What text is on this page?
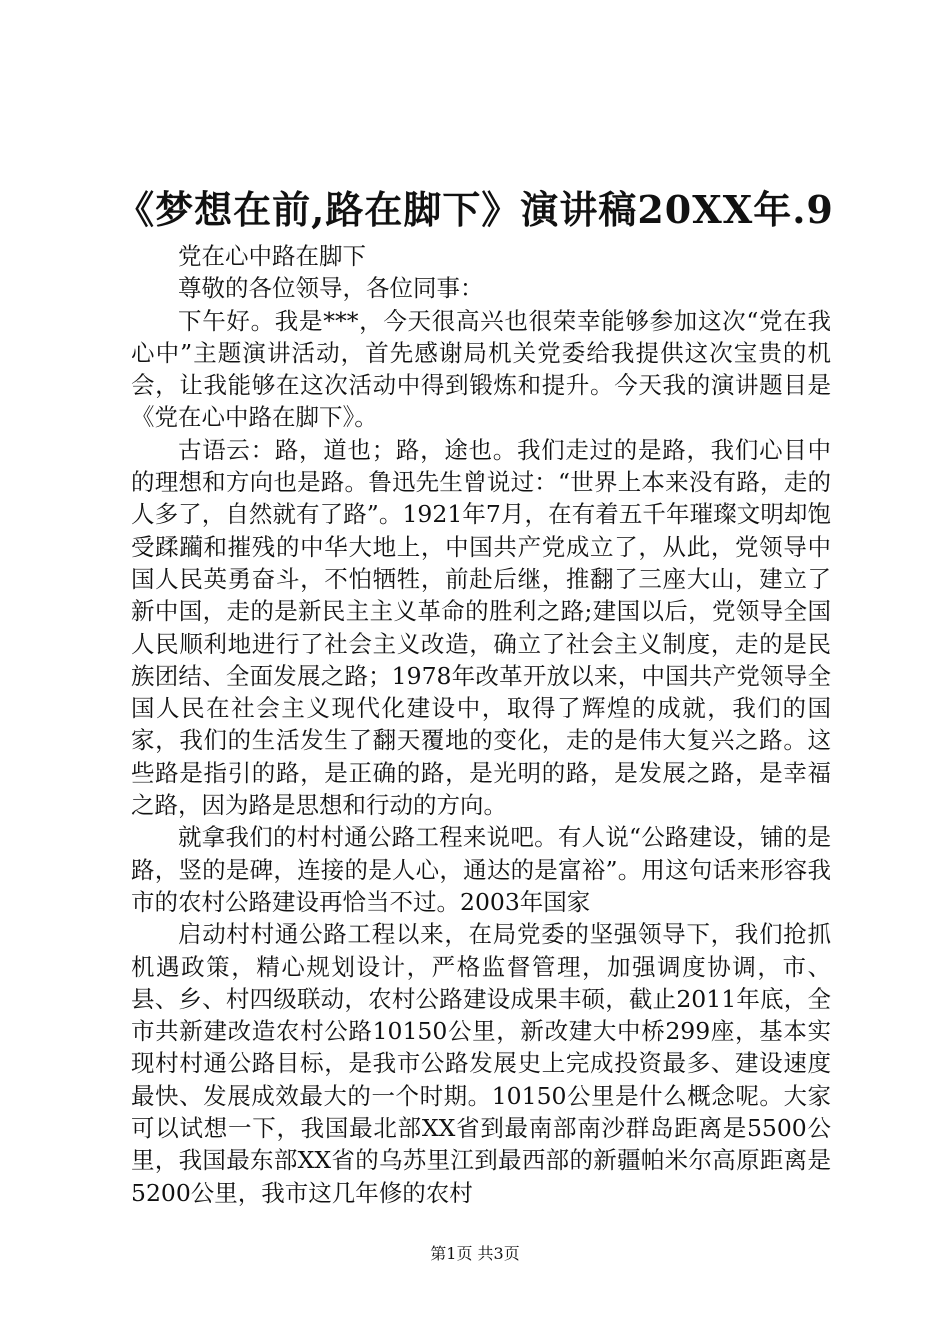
《梦想在前,路在脚下》演讲稿20XX年.9

党在心中路在脚下

尊敬的各位领导，各位同事：

下午好。我是***，今天很高兴也很荣幸能够参加这次“党在我心中”主题演讲活动，首先感谢局机关党委给我提供这次宝贵的机会，让我能够在这次活动中得到锻炼和提升。今天我的演讲题目是《党在心中路在脚下》。

古语云：路，道也；路，途也。我们走过的是路，我们心目中的理想和方向也是路。鲁迅先生曾说过：“世界上本来没有路，走的人多了，自然就有了路”。1921年7月，在有着五千年璀璨文明却饱受蹂躏和摧残的中华大地上，中国共产党成立了，从此，党领导中国人民英勇奋斗，不怕牺牲，前赴后继，推翻了三座大山，建立了新中国，走的是新民主主义革命的胜利之路;建国以后，党领导全国人民顺利地进行了社会主义改造，确立了社会主义制度，走的是民族团结、全面发展之路；1978年改革开放以来，中国共产党领导全国人民在社会主义现代化建设中，取得了辉煌的成就，我们的国家，我们的生活发生了翻天覆地的变化，走的是伟大复兴之路。这些路是指引的路，是正确的路，是光明的路，是发展之路，是幸福之路，因为路是思想和行动的方向。

就拿我们的村村通公路工程来说吧。有人说“公路建设，铺的是路，竖的是碑，连接的是人心，通达的是富裕”。用这句话来形容我市的农村公路建设再恰当不过。2003年国家

启动村村通公路工程以来，在局党委的坚强领导下，我们抢抓机遇政策，精心规划设计，严格监督管理，加强调度协调，市、县、乡、村四级联动，农村公路建设成果丰硕，截止2011年底，全市共新建改造农村公路10150公里，新改建大中桥299座，基本实现村村通公路目标，是我市公路发展史上完成投资最多、建设速度最快、发展成效最大的一个时期。10150公里是什么概念呢。大家可以试想一下，我国最北部XX省到最南部南沙群岛距离是5500公里，我国最东部XX省的乌苏里江到最西部的新疆帕米尔高原距离是5200公里，我市这几年修的农村

第1页 共3页
